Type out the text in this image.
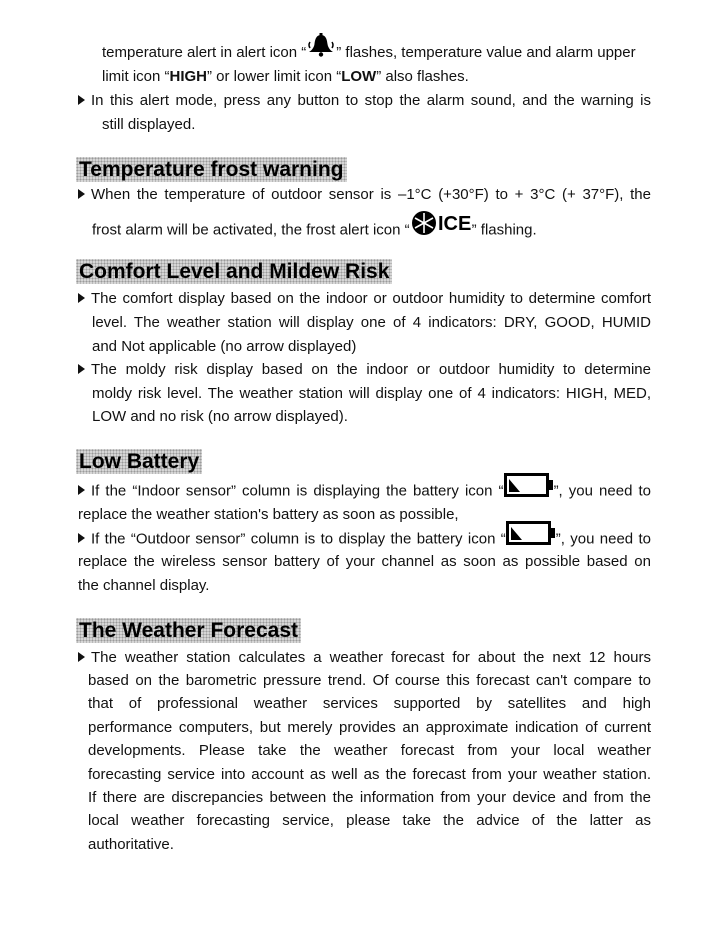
temperature alert in alert icon “ ” flashes, temperature value and alarm upper
limit icon “HIGH” or lower limit icon “LOW” also flashes.
In this alert mode, press any button to stop the alarm sound, and the warning is
still displayed.
Temperature frost warning
When the temperature of outdoor sensor is –1°C (+30°F) to + 3°C (+ 37°F), the
frost alarm will be activated, the frost alert icon “ ICE ” flashing.
Comfort Level and Mildew Risk
The comfort display based on the indoor or outdoor humidity to determine comfort
level. The weather station will display one of 4 indicators: DRY, GOOD, HUMID
and Not applicable (no arrow displayed)
The moldy risk display based on the indoor or outdoor humidity to determine
moldy risk level. The weather station will display one of 4 indicators: HIGH, MED,
LOW and no risk (no arrow displayed).
Low Battery
If the “Indoor sensor” column is displaying the battery icon “	”, you need to
replace the weather station's battery as soon as possible,
If the “Outdoor sensor” column is to display the battery icon “	”, you need to
replace the wireless sensor battery of your channel as soon as possible based on
the channel display.
The Weather Forecast
The weather station calculates a weather forecast for about the next 12 hours
based on the barometric pressure trend. Of course this forecast can't compare to
that of professional weather services supported by satellites and high
performance computers, but merely provides an approximate indication of current
developments. Please take the weather forecast from your local weather
forecasting service into account as well as the forecast from your weather station.
If there are discrepancies between the information from your device and from the
local weather forecasting service, please take the advice of the latter as
authoritative.
